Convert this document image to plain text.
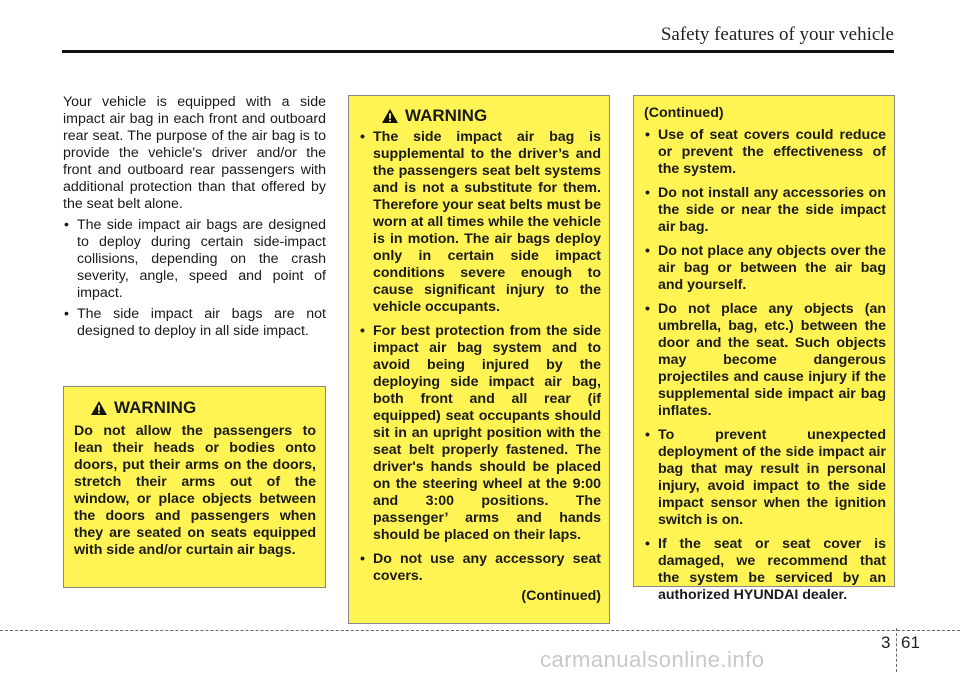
Safety features of your vehicle

Your vehicle is equipped with a side impact air bag in each front and outboard rear seat. The purpose of the air bag is to provide the vehicle's driver and/or the front and outboard rear passengers with additional protection than that offered by the seat belt alone.

• The side impact air bags are designed to deploy during certain side-impact collisions, depending on the crash severity, angle, speed and point of impact.
• The side impact air bags are not designed to deploy in all side impact.
WARNING
Do not allow the passengers to lean their heads or bodies onto doors, put their arms on the doors, stretch their arms out of the window, or place objects between the doors and passengers when they are seated on seats equipped with side and/or curtain air bags.
WARNING
• The side impact air bag is supplemental to the driver’s and the passengers seat belt systems and is not a substitute for them. Therefore your seat belts must be worn at all times while the vehicle is in motion. The air bags deploy only in certain side impact conditions severe enough to cause significant injury to the vehicle occupants.
• For best protection from the side impact air bag system and to avoid being injured by the deploying side impact air bag, both front and all rear (if equipped) seat occupants should sit in an upright position with the seat belt properly fastened. The driver's hands should be placed on the steering wheel at the 9:00 and 3:00 positions. The passenger’ arms and hands should be placed on their laps.
• Do not use any accessory seat covers.
(Continued)
(Continued)
• Use of seat covers could reduce or prevent the effectiveness of the system.
• Do not install any accessories on the side or near the side impact air bag.
• Do not place any objects over the air bag or between the air bag and yourself.
• Do not place any objects (an umbrella, bag, etc.) between the door and the seat. Such objects may become dangerous projectiles and cause injury if the supplemental side impact air bag inflates.
• To prevent unexpected deployment of the side impact air bag that may result in personal injury, avoid impact to the side impact sensor when the ignition switch is on.
• If the seat or seat cover is damaged, we recommend that the system be serviced by an authorized HYUNDAI dealer.
3 61
carmanualsonline.info
